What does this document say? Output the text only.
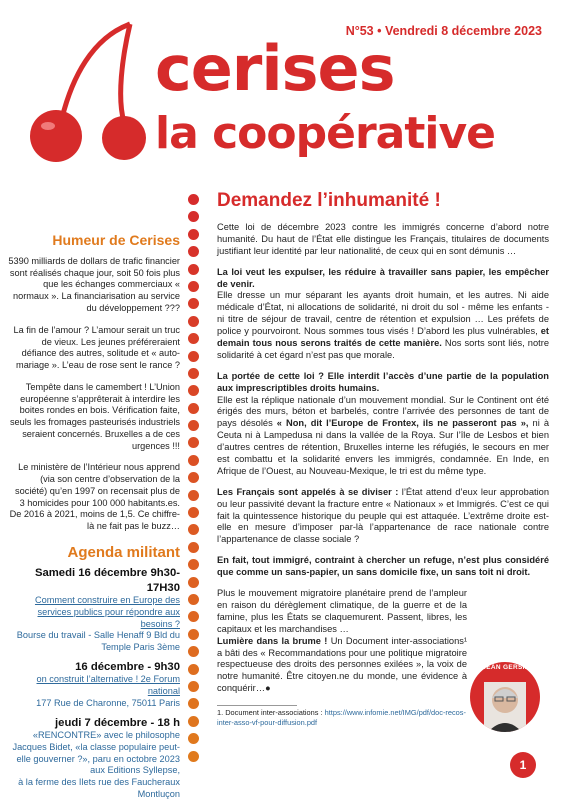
N°53 • Vendredi 8 décembre 2023
cerises
la coopérative
Humeur de Cerises

5390 milliards de dollars de trafic financier sont réalisés chaque jour, soit 50 fois plus que les échanges commerciaux « normaux ». La financiarisation au service du développement ???

La fin de l’amour ? L’amour serait un truc de vieux. Les jeunes préféreraient défiance des autres, solitude et « auto-mariage ». L’eau de rose sent le rance ?

Tempête dans le camembert ! L’Union européenne s’apprêterait à interdire les boites rondes en bois. Vérification faite, seuls les fromages pasteurisés industriels seraient concernés. Bruxelles a de ces urgences !!!

Le ministère de l’Intérieur nous apprend (via son centre d’observation de la société) qu’en 1997 on recensait plus de 3 homicides pour 100 000 habitants.es. De 2016 à 2021, moins de 1,5. Ce chiffre-là ne fait pas le buzz…

Agenda militant
Samedi 16 décembre 9h30- 17H30
Comment construire en Europe des services publics pour répondre aux besoins ?
Bourse du travail - Salle Henaff 9 Bld du Temple Paris 3ème
16 décembre - 9h30
on construit l’alternative ! 2e Forum national
177 Rue de Charonne, 75011 Paris
jeudi 7 décembre - 18 h
«RENCONTRE» avec le philosophe Jacques Bidet, «la classe populaire peut-elle gouverner ?», paru en octobre 2023 aux Editions Syllepse,
à la ferme des Ilets rue des Faucheraux Montluçon
Demandez l’inhumanité !

Cette loi de décembre 2023 contre les immigrés concerne d’abord notre humanité. Du haut de l’État elle distingue les Français, titulaires de documents justifiant leur identité par leur nationalité, de ceux qui en sont démunis …

La loi veut les expulser, les réduire à travailler sans papier, les empêcher de venir.
Elle dresse un mur séparant les ayants droit humain, et les autres. Ni aide médicale d’État, ni allocations de solidarité, ni droit du sol - même les enfants - ni titre de séjour de travail, centre de rétention et expulsion … Les préfets de police y pourvoiront. Nous sommes tous visés ! D’abord les plus vulnérables, et demain tous nous serons traités de cette manière. Nos sorts sont liés, notre solidarité à cet égard n’est pas que morale.

La portée de cette loi ? Elle interdit l’accès d’une partie de la population aux imprescriptibles droits humains.
Elle est la réplique nationale d’un mouvement mondial. Sur le Continent ont été érigés des murs, béton et barbelés, contre l’arrivée des personnes de tant de pays désolés « Non, dit l’Europe de Frontex, ils ne passeront pas », ni à Ceuta ni à Lampedusa ni dans la vallée de la Roya. Sur l’île de Lesbos et bien d’autres centres de rétention, Bruxelles interne les réfugiés, le secours en mer est combattu et la solidarité envers les immigrés, condamnée. En Inde, en Afrique de l’Ouest, au Nouveau-Mexique, le tri est du même type.

Les Français sont appelés à se diviser : l’État attend d’eux leur approbation ou leur passivité devant la fracture entre « Nationaux » et Immigrés. C’est ce qui fait la quintessence historique du peuple qui est attaquée. L’extrême droite est-elle en mesure d’imposer par-là l’appartenance de race nationale contre l’appartenance de classe sociale ?

En fait, tout immigré, contraint à chercher un refuge, n’est plus considéré que comme un sans-papier, un sans domicile fixe, un sans toit ni droit.

Plus le mouvement migratoire planétaire prend de l’ampleur en raison du dérèglement climatique, de la guerre et de la famine, plus les États se claquemurent. Passent, libres, les capitaux et les marchandises …
Lumière dans la brume ! Un Document inter-associations¹ a bâti des « Recommandations pour une politique migratoire respectueuse des droits des personnes exilées », la voix de notre humanité. Être citoyen.ne du monde, une évidence à conquérir…●

1. Document inter-associations : https://www.infomie.net/IMG/pdf/doc-recos-inter-asso-vf-pour-diffusion.pdf
JEAN GERSIN
1
